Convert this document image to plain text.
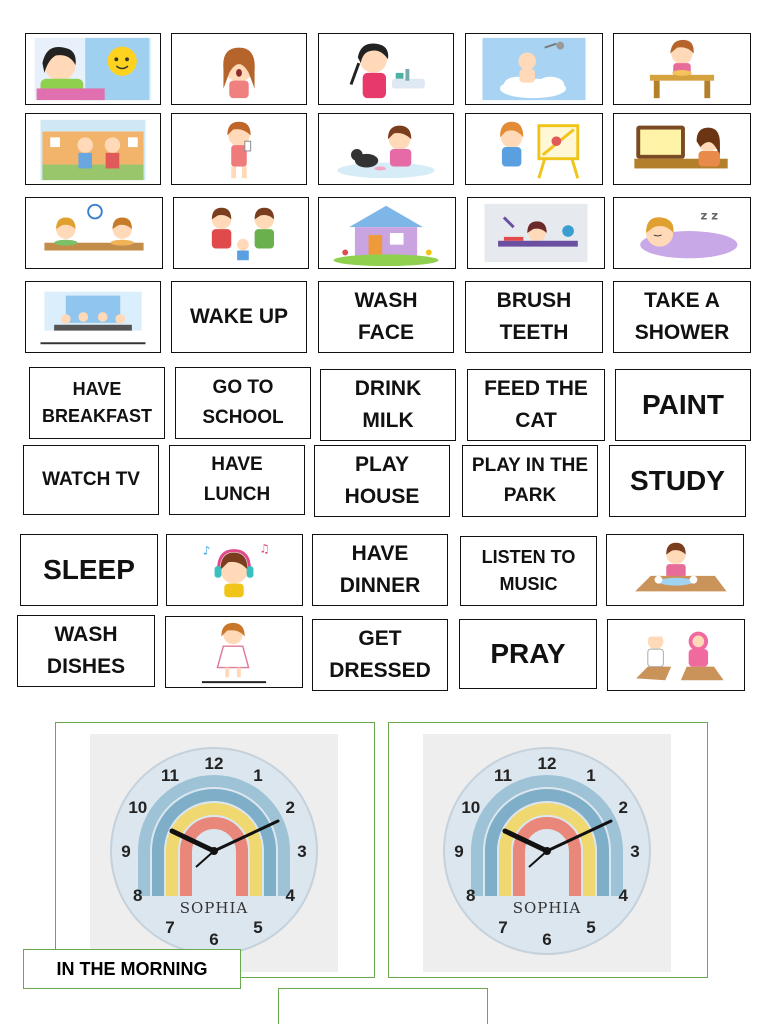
z z
WAKE UP
WASH FACE
BRUSH TEETH
TAKE A SHOWER
HAVE BREAKFAST
GO TO SCHOOL
DRINK MILK
FEED THE CAT
PAINT
WATCH TV
HAVE LUNCH
PLAY HOUSE
PLAY IN THE PARK	STUDY
SLEEP
♪	♫	HAVE DINNER
LISTEN TO MUSIC
WASH DISHES
GET DRESSED
PRAY
12
1
2
3
4
5
6
7
8
9
10
11
SOPHIA
12
1
2
3
4
5
6
7
8
9
10
11
SOPHIA
IN THE MORNING
